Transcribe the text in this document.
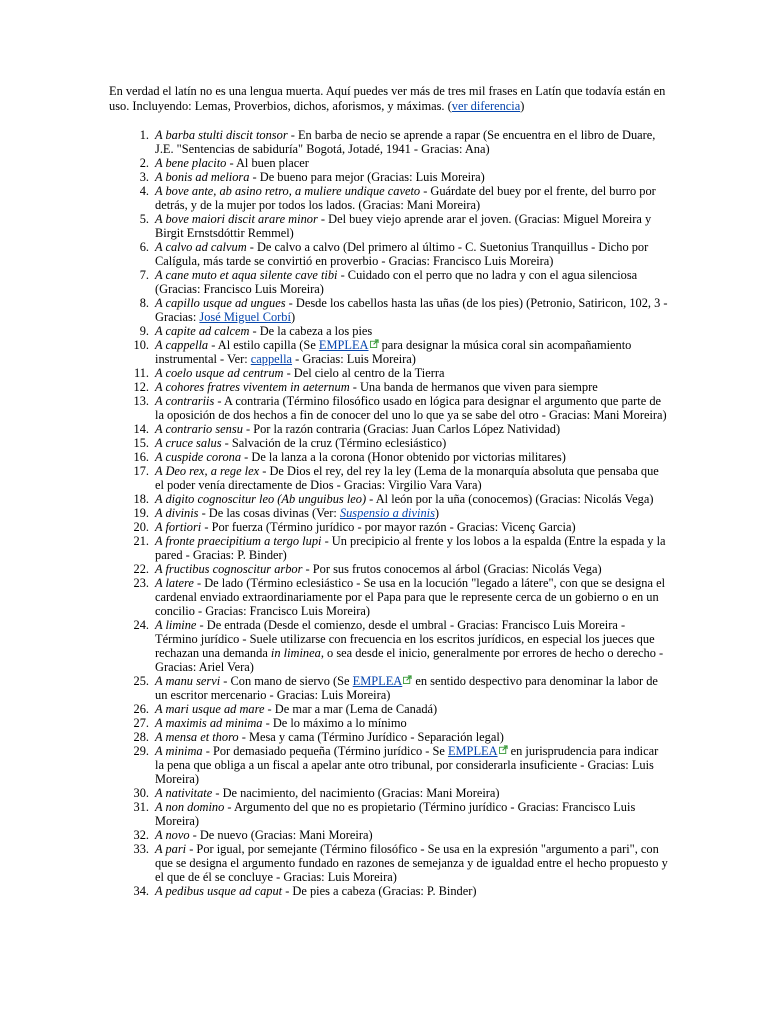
En verdad el latín no es una lengua muerta. Aquí puedes ver más de tres mil frases en Latín que todavía están en uso. Incluyendo: Lemas, Proverbios, dichos, aforismos, y máximas. (ver diferencia)

1. A barba stulti discit tonsor - En barba de necio se aprende a rapar (Se encuentra en el libro de Duare, J.E. "Sentencias de sabiduría" Bogotá, Jotadé, 1941 - Gracias: Ana)
2. A bene placito - Al buen placer
3. A bonis ad meliora - De bueno para mejor (Gracias: Luis Moreira)
4. A bove ante, ab asino retro, a muliere undique caveto - Guárdate del buey por el frente, del burro por detrás, y de la mujer por todos los lados. (Gracias: Mani Moreira)
5. A bove maiori discit arare minor - Del buey viejo aprende arar el joven. (Gracias: Miguel Moreira y Birgit Ernstsdóttir Remmel)
6. A calvo ad calvum - De calvo a calvo (Del primero al último - C. Suetonius Tranquillus - Dicho por Calígula, más tarde se convirtió en proverbio - Gracias: Francisco Luis Moreira)
7. A cane muto et aqua silente cave tibi - Cuidado con el perro que no ladra y con el agua silenciosa (Gracias: Francisco Luis Moreira)
8. A capillo usque ad ungues - Desde los cabellos hasta las uñas (de los pies) (Petronio, Satiricon, 102, 3 - Gracias: José Miguel Corbí)
9. A capite ad calcem - De la cabeza a los pies
10. A cappella - Al estilo capilla (Se EMPLEA para designar la música coral sin acompañamiento instrumental - Ver: cappella - Gracias: Luis Moreira)
11. A coelo usque ad centrum - Del cielo al centro de la Tierra
12. A cohores fratres viventem in aeternum - Una banda de hermanos que viven para siempre
13. A contrariis - A contraria (Término filosófico usado en lógica para designar el argumento que parte de la oposición de dos hechos a fin de conocer del uno lo que ya se sabe del otro - Gracias: Mani Moreira)
14. A contrario sensu - Por la razón contraria (Gracias: Juan Carlos López Natividad)
15. A cruce salus - Salvación de la cruz (Término eclesiástico)
16. A cuspide corona - De la lanza a la corona (Honor obtenido por victorias militares)
17. A Deo rex, a rege lex - De Dios el rey, del rey la ley (Lema de la monarquía absoluta que pensaba que el poder venía directamente de Dios - Gracias: Virgilio Vara Vara)
18. A digito cognoscitur leo (Ab unguibus leo) - Al león por la uña (conocemos) (Gracias: Nicolás Vega)
19. A divinis - De las cosas divinas (Ver: Suspensio a divinis)
20. A fortiori - Por fuerza (Término jurídico - por mayor razón - Gracias: Vicenç Garcia)
21. A fronte praecipitium a tergo lupi - Un precipicio al frente y los lobos a la espalda (Entre la espada y la pared - Gracias: P. Binder)
22. A fructibus cognoscitur arbor - Por sus frutos conocemos al árbol (Gracias: Nicolás Vega)
23. A latere - De lado (Término eclesiástico - Se usa en la locución "legado a látere", con que se designa el cardenal enviado extraordinariamente por el Papa para que le represente cerca de un gobierno o en un concilio - Gracias: Francisco Luis Moreira)
24. A limine - De entrada (Desde el comienzo, desde el umbral - Gracias: Francisco Luis Moreira - Término jurídico - Suele utilizarse con frecuencia en los escritos jurídicos, en especial los jueces que rechazan una demanda in liminea, o sea desde el inicio, generalmente por errores de hecho o derecho - Gracias: Ariel Vera)
25. A manu servi - Con mano de siervo (Se EMPLEA en sentido despectivo para denominar la labor de un escritor mercenario - Gracias: Luis Moreira)
26. A mari usque ad mare - De mar a mar (Lema de Canadá)
27. A maximis ad minima - De lo máximo a lo mínimo
28. A mensa et thoro - Mesa y cama (Término Jurídico - Separación legal)
29. A minima - Por demasiado pequeña (Término jurídico - Se EMPLEA en jurisprudencia para indicar la pena que obliga a un fiscal a apelar ante otro tribunal, por considerarla insuficiente - Gracias: Luis Moreira)
30. A nativitate - De nacimiento, del nacimiento (Gracias: Mani Moreira)
31. A non domino - Argumento del que no es propietario (Término jurídico - Gracias: Francisco Luis Moreira)
32. A novo - De nuevo (Gracias: Mani Moreira)
33. A pari - Por igual, por semejante (Término filosófico - Se usa en la expresión "argumento a pari", con que se designa el argumento fundado en razones de semejanza y de igualdad entre el hecho propuesto y el que de él se concluye - Gracias: Luis Moreira)
34. A pedibus usque ad caput - De pies a cabeza (Gracias: P. Binder)
